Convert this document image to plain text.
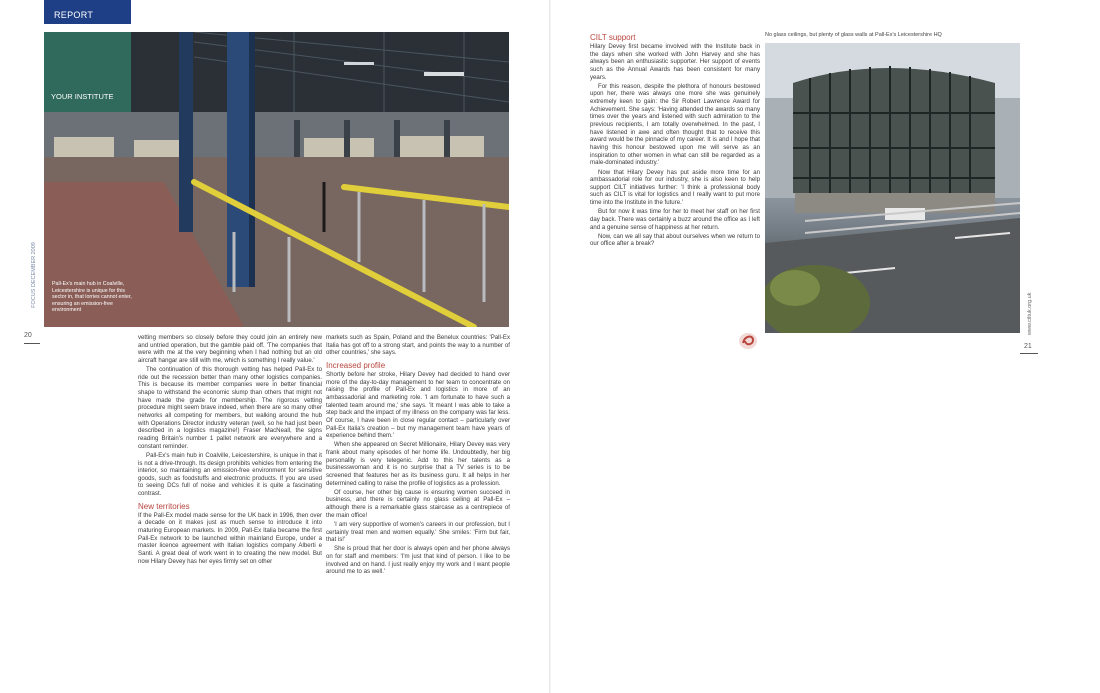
REPORT
YOUR INSTITUTE
Pall-Ex's main hub in Coalville, Leicestershire is unique for this sector in, that lorries cannot enter, ensuring an emission-free environment
FOCUS DECEMBER 2009
20	vetting members so closely before they could join an entirely new and untried operation, but the gamble paid off. 'The companies that were with me at the very beginning when I had nothing but an old aircraft hangar are still with me, which is something I really value.'

The continuation of this thorough vetting has helped Pall-Ex to ride out the recession better than many other logistics companies. This is because its member companies were in better financial shape to withstand the economic slump than others that might not have made the grade for membership. The rigorous vetting procedure might seem brave indeed, when there are so many other networks all competing for members, but walking around the hub with Operations Director industry veteran (well, so he had just been described in a logistics magazine!) Fraser MacNeall, the signs reading Britain's number 1 pallet network are everywhere and a constant reminder.

Pall-Ex's main hub in Coalville, Leicestershire, is unique in that it is not a drive-through. Its design prohibits vehicles from entering the interior, so maintaining an emission-free environment for sensitive goods, such as foodstuffs and electronic products. If you are used to seeing DCs full of noise and vehicles it is quite a fascinating contrast.

New territories

If the Pall-Ex model made sense for the UK back in 1996, then over a decade on it makes just as much sense to introduce it into maturing European markets. In 2009, Pall-Ex Italia became the first Pall-Ex network to be launched within mainland Europe, under a master licence agreement with Italian logistics company Alberti e Santi. A great deal of work went in to creating the new model. But now Hilary Devey has her eyes firmly set on other

markets such as Spain, Poland and the Benelux countries: 'Pall-Ex Italia has got off to a strong start, and points the way to a number of other countries,' she says.

Increased profile

Shortly before her stroke, Hilary Devey had decided to hand over more of the day-to-day management to her team to concentrate on raising the profile of Pall-Ex and logistics in more of an ambassadorial and marketing role. 'I am fortunate to have such a talented team around me,' she says. 'It meant I was able to take a step back and the impact of my illness on the company was far less. Of course, I have been in close regular contact – particularly over Pall-Ex Italia's creation – but my management team have years of experience behind them.'

When she appeared on Secret Millionaire, Hilary Devey was very frank about many episodes of her home life. Undoubtedly, her big personality is very telegenic. Add to this her talents as a businesswoman and it is no surprise that a TV series is to be screened that features her as its business guru. It all helps in her determined calling to raise the profile of logistics as a profession.

Of course, her other big cause is ensuring women succeed in business, and there is certainly no glass ceiling at Pall-Ex – although there is a remarkable glass staircase as a centrepiece of the main office!

'I am very supportive of women's careers in our profession, but I certainly treat men and women equally.' She smiles: 'Firm but fair, that is!'

She is proud that her door is always open and her phone always on for staff and members: 'I'm just that kind of person. I like to be involved and on hand. I just really enjoy my work and I want people around me to as well.'

CILT support

Hilary Devey first became involved with the Institute back in the days when she worked with John Harvey and she has always been an enthusiastic supporter. Her support of events such as the Annual Awards has been consistent for many years.

For this reason, despite the plethora of honours bestowed upon her, there was always one more she was genuinely extremely keen to gain: the Sir Robert Lawrence Award for Achievement. She says: 'Having attended the awards so many times over the years and listened with such admiration to the previous recipients, I am totally overwhelmed. In the past, I have listened in awe and often thought that to receive this award would be the pinnacle of my career. It is and I hope that having this honour bestowed upon me will serve as an inspiration to other women in what can still be regarded as a male-dominated industry.'

Now that Hilary Devey has put aside more time for an ambassadorial role for our industry, she is also keen to help support CILT initiatives further: 'I think a professional body such as CILT is vital for logistics and I really want to put more time into the Institute in the future.'

But for now it was time for her to meet her staff on her first day back. There was certainly a buzz around the office as I left and a genuine sense of happiness at her return.

Now, can we all say that about ourselves when we return to our office after a break?

No glass ceilings, but plenty of glass walls at Pall-Ex's Leicestershire HQ
www.ciltuk.org.uk
21
